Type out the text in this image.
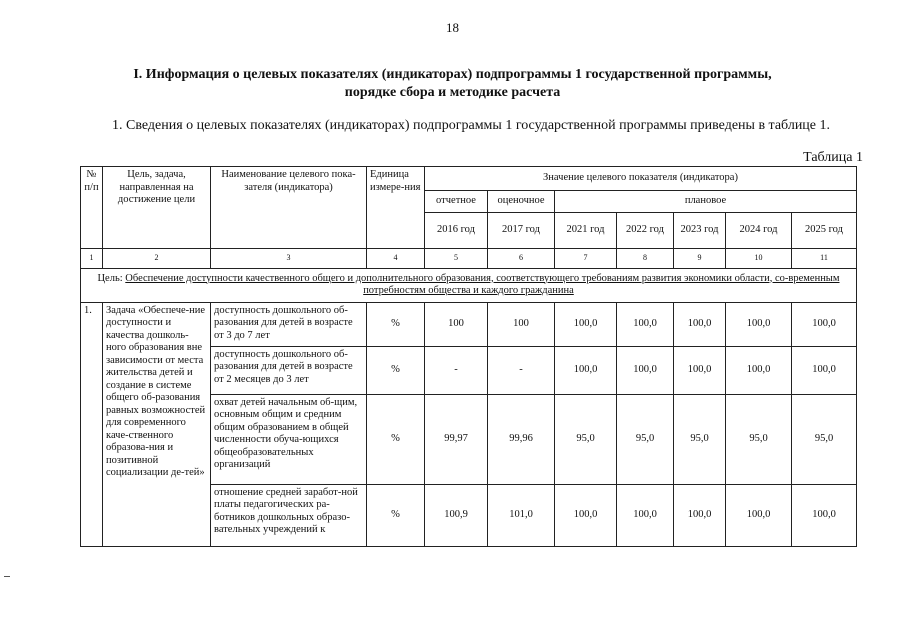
18
I. Информация о целевых показателях (индикаторах) подпрограммы 1 государственной программы,
порядке сбора и методике расчета
1. Сведения о целевых показателях (индикаторах) подпрограммы 1 государственной программы приведены в таблице 1.
Таблица 1
№ п/п	Цель, задача, направленная на достижение цели	Наименование целевого пока-зателя (индикатора)	Единица измере-ния	Значение целевого показателя (индикатора)						
				отчетное	оценочное	плановое				
				2016 год	2017 год	2021 год	2022 год	2023 год	2024 год	2025 год
1	2	3	4	5	6	7	8	9	10	11
Цель: Обеспечение доступности качественного общего и дополнительного образования, соответствующего требованиям развития экономики области, со-временным потребностям общества и каждого гражданина										
1.	Задача «Обеспече-ние доступности и качества дошколь-ного образования вне зависимости от места жительства детей и создание в системе общего об-разования равных возможностей для современного каче-ственного образова-ния и позитивной социализации де-тей»	доступность дошкольного об-разования для детей в возрасте от 3 до 7 лет	%	100	100	100,0	100,0	100,0	100,0	100,0
		доступность дошкольного об-разования для детей в возрасте от 2 месяцев до 3 лет	%	-	-	100,0	100,0	100,0	100,0	100,0
		охват детей начальным об-щим, основным общим и средним общим образованием в общей численности обуча-ющихся общеобразовательных организаций	%	99,97	99,96	95,0	95,0	95,0	95,0	95,0
		отношение средней заработ-ной платы педагогических ра-ботников дошкольных образо-вательных учреждений к	%	100,9	101,0	100,0	100,0	100,0	100,0	100,0
